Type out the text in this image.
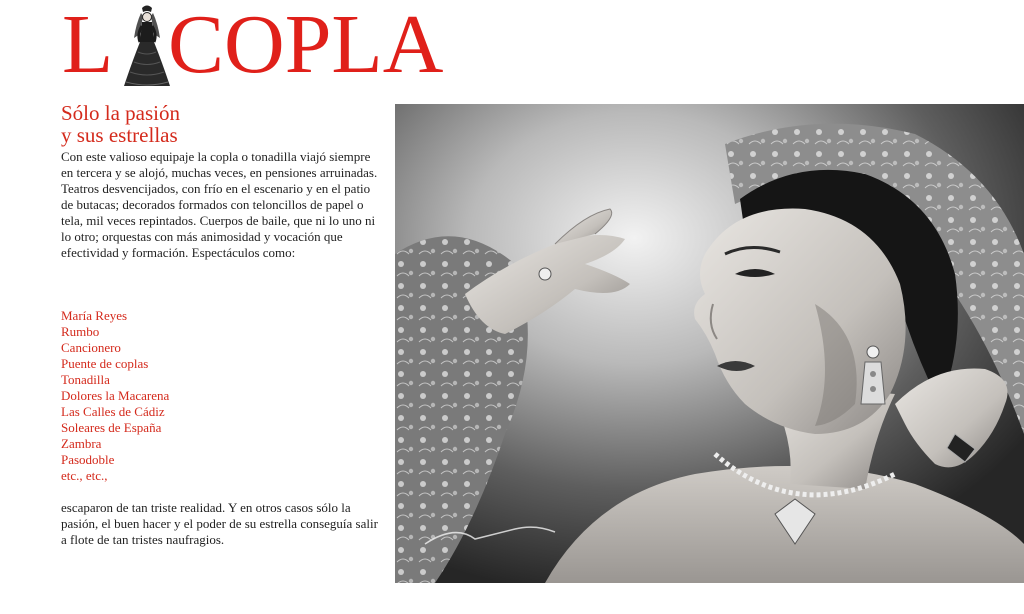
L COPLA
Sólo la pasión
y sus estrellas

Con este valioso equipaje la copla o tonadilla viajó siempre en tercera y se alojó, muchas veces, en pensiones arruinadas. Teatros desvencijados, con frío en el escenario y en el patio de butacas; decorados formados con teloncillos de papel o tela, mil veces repintados. Cuerpos de baile, que ni lo uno ni lo otro; orquestas con más animosidad y vocación que efectividad y formación. Espectáculos como:

María Reyes
Rumbo
Cancionero
Puente de coplas
Tonadilla
Dolores la Macarena
Las Calles de Cádiz
Soleares de España
Zambra
Pasodoble
etc., etc.,

escaparon de tan triste realidad. Y en otros casos sólo la pasión, el buen hacer y el poder de su estrella conseguía salir a flote de tan tristes naufragios.
